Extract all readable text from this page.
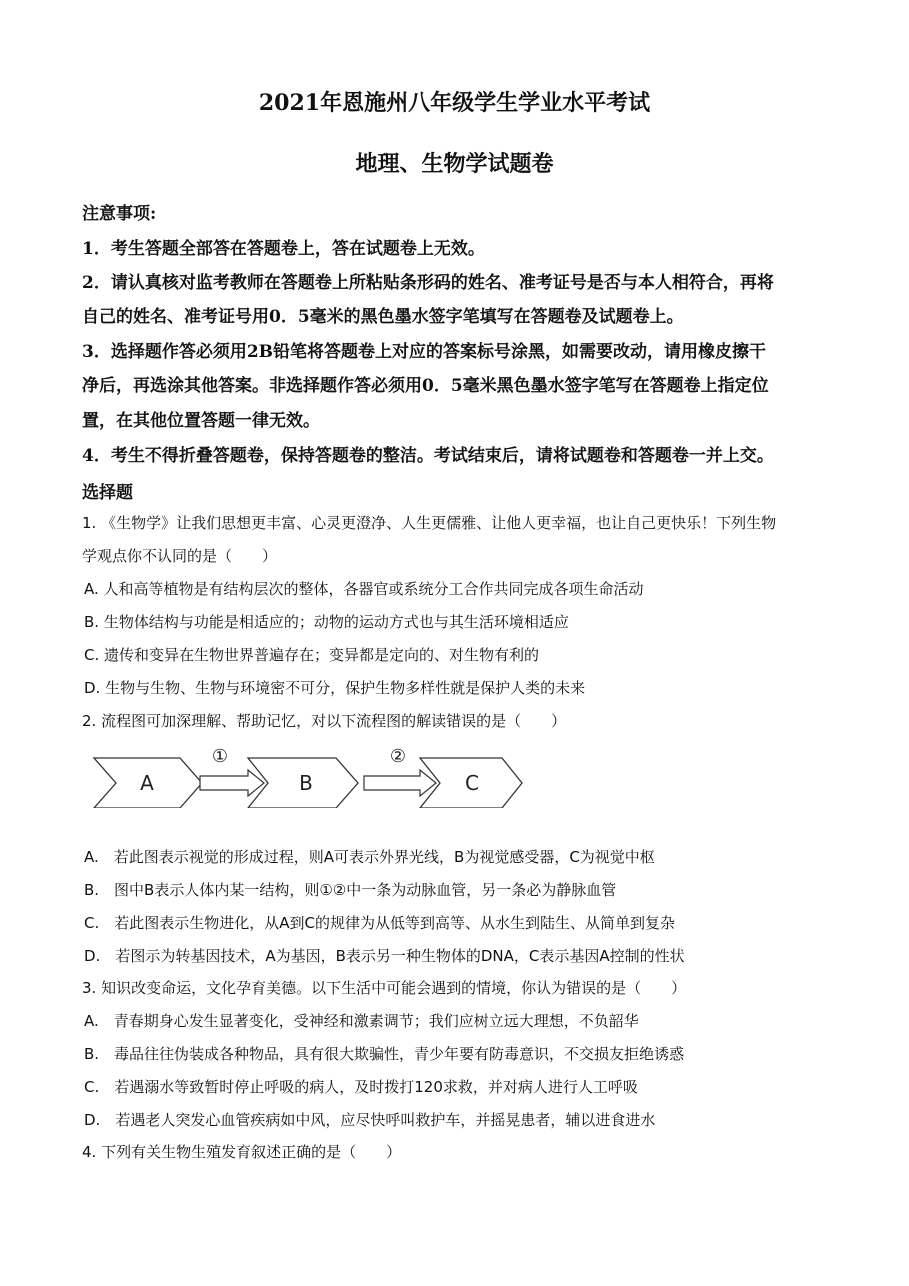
2021年恩施州八年级学生学业水平考试
地理、生物学试题卷
注意事项:
1．考生答题全部答在答题卷上，答在试题卷上无效。
2．请认真核对监考教师在答题卷上所粘贴条形码的姓名、准考证号是否与本人相符合，再将
自己的姓名、准考证号用0．5毫米的黑色墨水签字笔填写在答题卷及试题卷上。
3．选择题作答必须用2B铅笔将答题卷上对应的答案标号涂黑，如需要改动，请用橡皮擦干
净后，再选涂其他答案。非选择题作答必须用0．5毫米黑色墨水签字笔写在答题卷上指定位
置，在其他位置答题一律无效。
4．考生不得折叠答题卷，保持答题卷的整洁。考试结束后，请将试题卷和答题卷一并上交。
选择题
1. 《生物学》让我们思想更丰富、心灵更澄净、人生更儒雅、让他人更幸福，也让自己更快乐！下列生物
学观点你不认同的是（　　）
A. 人和高等植物是有结构层次的整体，各器官或系统分工合作共同完成各项生命活动
B. 生物体结构与功能是相适应的；动物的运动方式也与其生活环境相适应
C. 遗传和变异在生物世界普遍存在；变异都是定向的、对生物有利的
D. 生物与生物、生物与环境密不可分，保护生物多样性就是保护人类的未来
2. 流程图可加深理解、帮助记忆，对以下流程图的解读错误的是（　　）
A
①
B
②
C
A.　若此图表示视觉的形成过程，则A可表示外界光线，B为视觉感受器，C为视觉中枢
B.　图中B表示人体内某一结构，则①②中一条为动脉血管，另一条必为静脉血管
C.　若此图表示生物进化，从A到C的规律为从低等到高等、从水生到陆生、从简单到复杂
D.　若图示为转基因技术，A为基因，B表示另一种生物体的DNA，C表示基因A控制的性状
3. 知识改变命运，文化孕育美德。以下生活中可能会遇到的情境，你认为错误的是（　　）
A.　青春期身心发生显著变化，受神经和激素调节；我们应树立远大理想，不负韶华
B.　毒品往往伪装成各种物品，具有很大欺骗性，青少年要有防毒意识，不交损友拒绝诱惑
C.　若遇溺水等致暂时停止呼吸的病人，及时拨打120求救，并对病人进行人工呼吸
D.　若遇老人突发心血管疾病如中风，应尽快呼叫救护车，并摇晃患者，辅以进食进水
4. 下列有关生物生殖发育叙述正确的是（　　）
